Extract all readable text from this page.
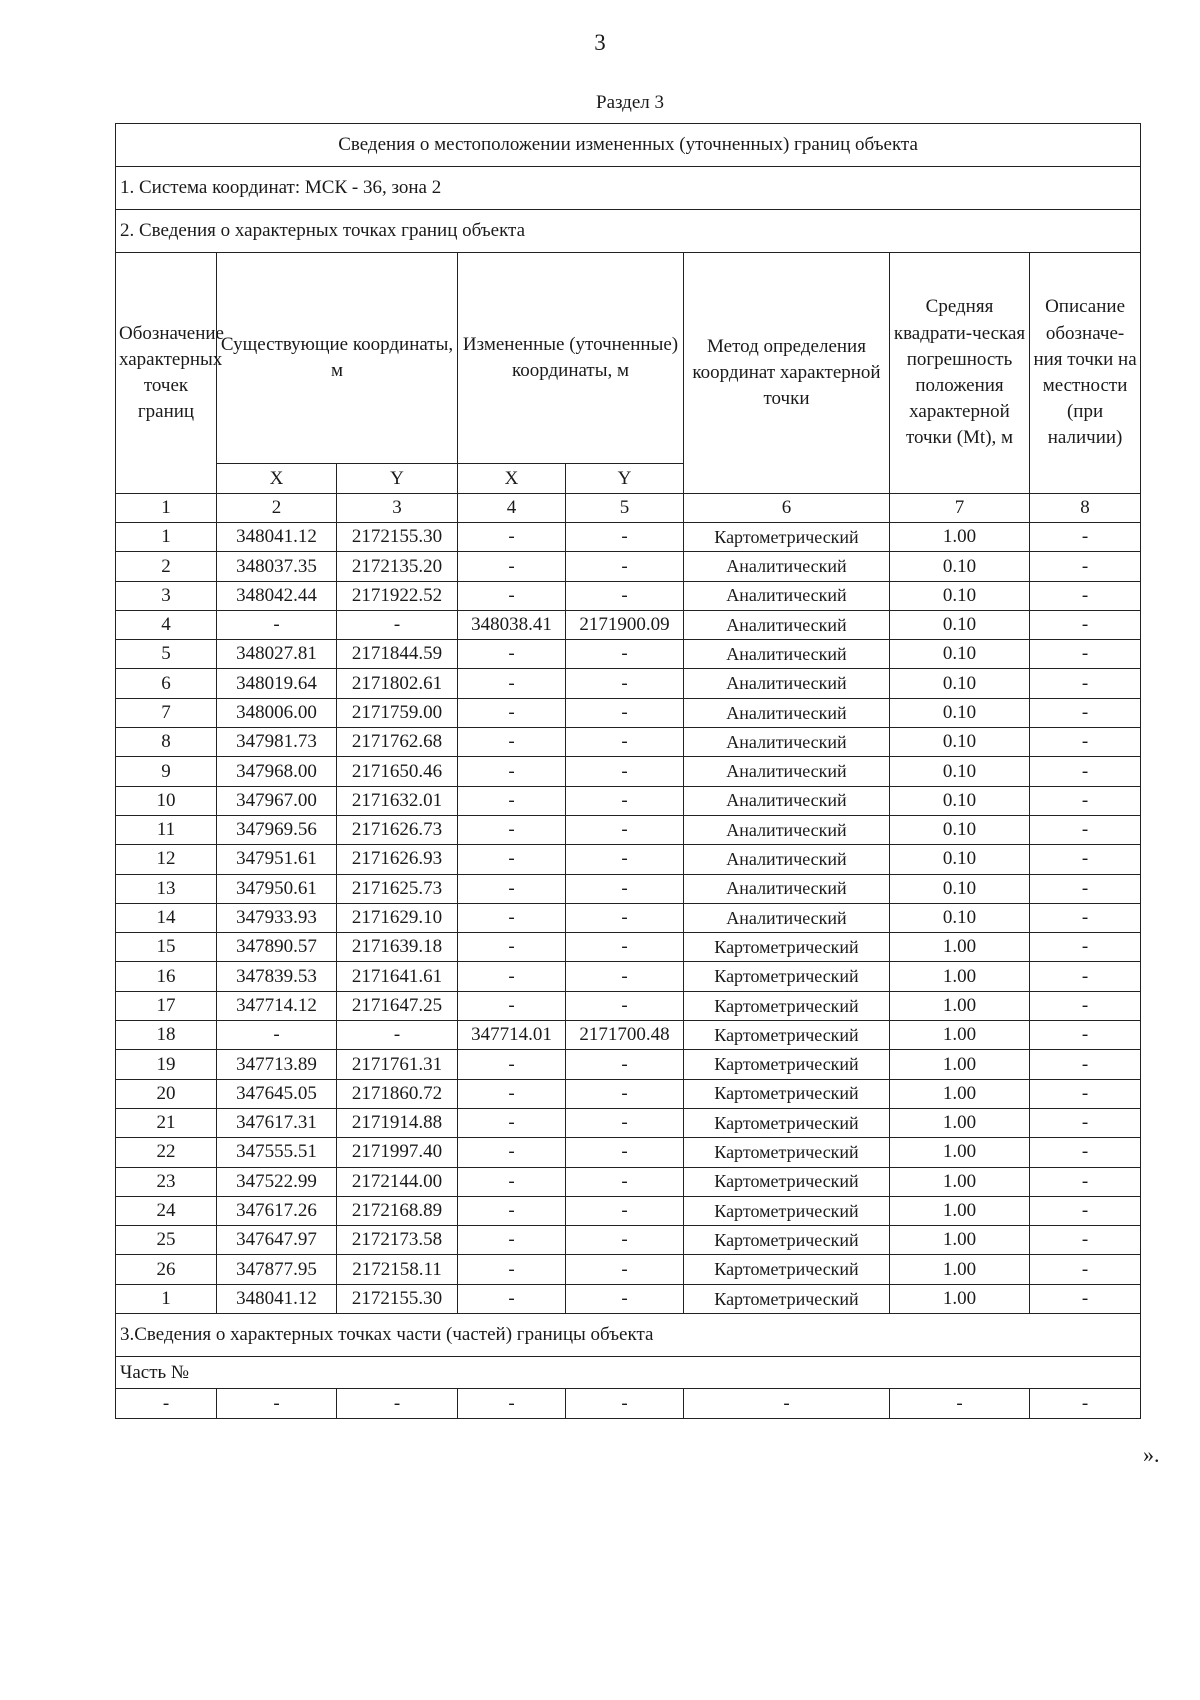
3
Раздел 3
Сведения о местоположении измененных (уточненных) границ объекта							
1. Система координат: МСК - 36, зона 2							
2. Сведения о характерных точках границ объекта							
Обозначение характерных точек границ	Существующие координаты, м		Измененные (уточненные) координаты, м		Метод определения координат характерной точки	Средняя квадрати-ческая погрешность положения характерной точки (Mt), м	Описание обозначе-ния точки на местности (при наличии)
	X	Y	X	Y			
1	2	3	4	5	6	7	8
1	348041.12	2172155.30	-	-	Картометрический	1.00	-
2	348037.35	2172135.20	-	-	Аналитический	0.10	-
3	348042.44	2171922.52	-	-	Аналитический	0.10	-
4	-	-	348038.41	2171900.09	Аналитический	0.10	-
5	348027.81	2171844.59	-	-	Аналитический	0.10	-
6	348019.64	2171802.61	-	-	Аналитический	0.10	-
7	348006.00	2171759.00	-	-	Аналитический	0.10	-
8	347981.73	2171762.68	-	-	Аналитический	0.10	-
9	347968.00	2171650.46	-	-	Аналитический	0.10	-
10	347967.00	2171632.01	-	-	Аналитический	0.10	-
11	347969.56	2171626.73	-	-	Аналитический	0.10	-
12	347951.61	2171626.93	-	-	Аналитический	0.10	-
13	347950.61	2171625.73	-	-	Аналитический	0.10	-
14	347933.93	2171629.10	-	-	Аналитический	0.10	-
15	347890.57	2171639.18	-	-	Картометрический	1.00	-
16	347839.53	2171641.61	-	-	Картометрический	1.00	-
17	347714.12	2171647.25	-	-	Картометрический	1.00	-
18	-	-	347714.01	2171700.48	Картометрический	1.00	-
19	347713.89	2171761.31	-	-	Картометрический	1.00	-
20	347645.05	2171860.72	-	-	Картометрический	1.00	-
21	347617.31	2171914.88	-	-	Картометрический	1.00	-
22	347555.51	2171997.40	-	-	Картометрический	1.00	-
23	347522.99	2172144.00	-	-	Картометрический	1.00	-
24	347617.26	2172168.89	-	-	Картометрический	1.00	-
25	347647.97	2172173.58	-	-	Картометрический	1.00	-
26	347877.95	2172158.11	-	-	Картометрический	1.00	-
1	348041.12	2172155.30	-	-	Картометрический	1.00	-
3.Сведения о характерных точках части (частей) границы объекта							
Часть №							
-	-	-	-	-	-	-	-
».
